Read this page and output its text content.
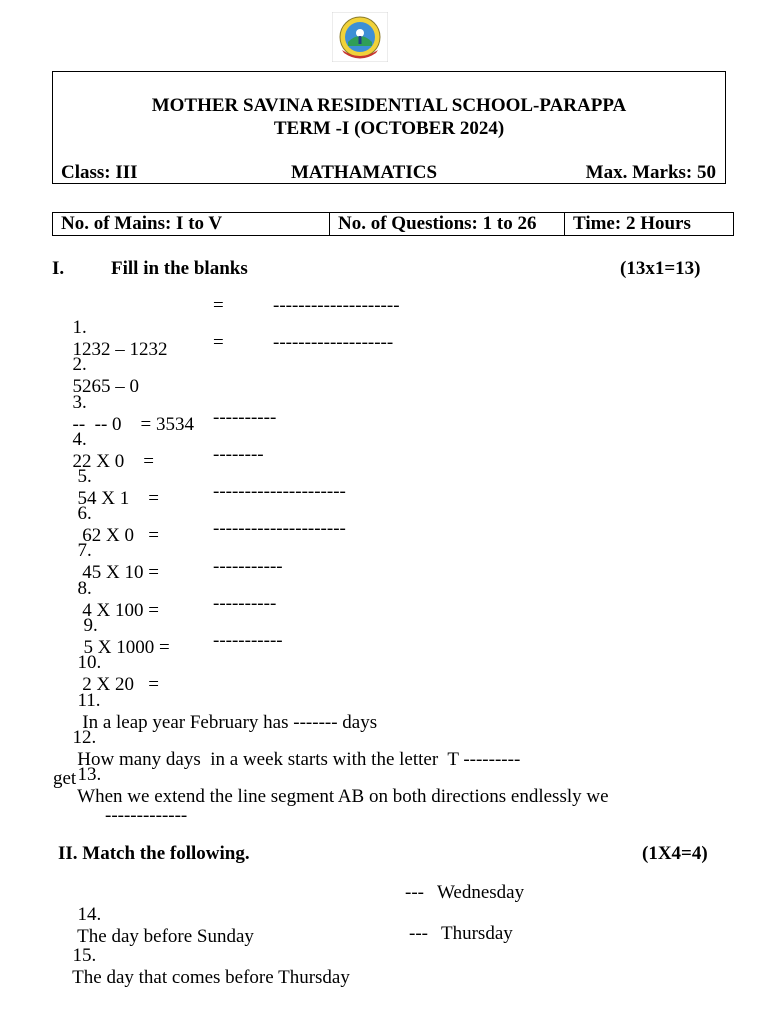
MOTHER SAVINA RESIDENTIAL SCHOOL-PARAPPA
TERM -I (OCTOBER 2024)
Class: III	MATHAMATICS	Max. Marks: 50
No. of Mains: I to V	No. of Questions: 1 to 26	Time: 2 Hours
I. Fill in the blanks	(13x1=13)

1.
1232 – 1232

=	--------------------

2.
5265 – 0

=	-------------------

3.
--  -- 0    = 3534

4.
22 X 0    =

----------

5.
54 X 1    =

--------

6.
62 X 0   =

---------------------

7.
45 X 10 =

---------------------

8.
4 X 100 =

-----------

9.
5 X 1000 =

----------

10.
2 X 20   =

-----------

11.
In a leap year February has ------- days

12.
How many days  in a week starts with the letter  T ---------

13.
When we extend the line segment AB on both directions endlessly we

get
-------------
II. Match the following.	(1X4=4)

14.
The day before Sunday

--- Wednesday

15.
The day that comes before Thursday

--- Thursday
